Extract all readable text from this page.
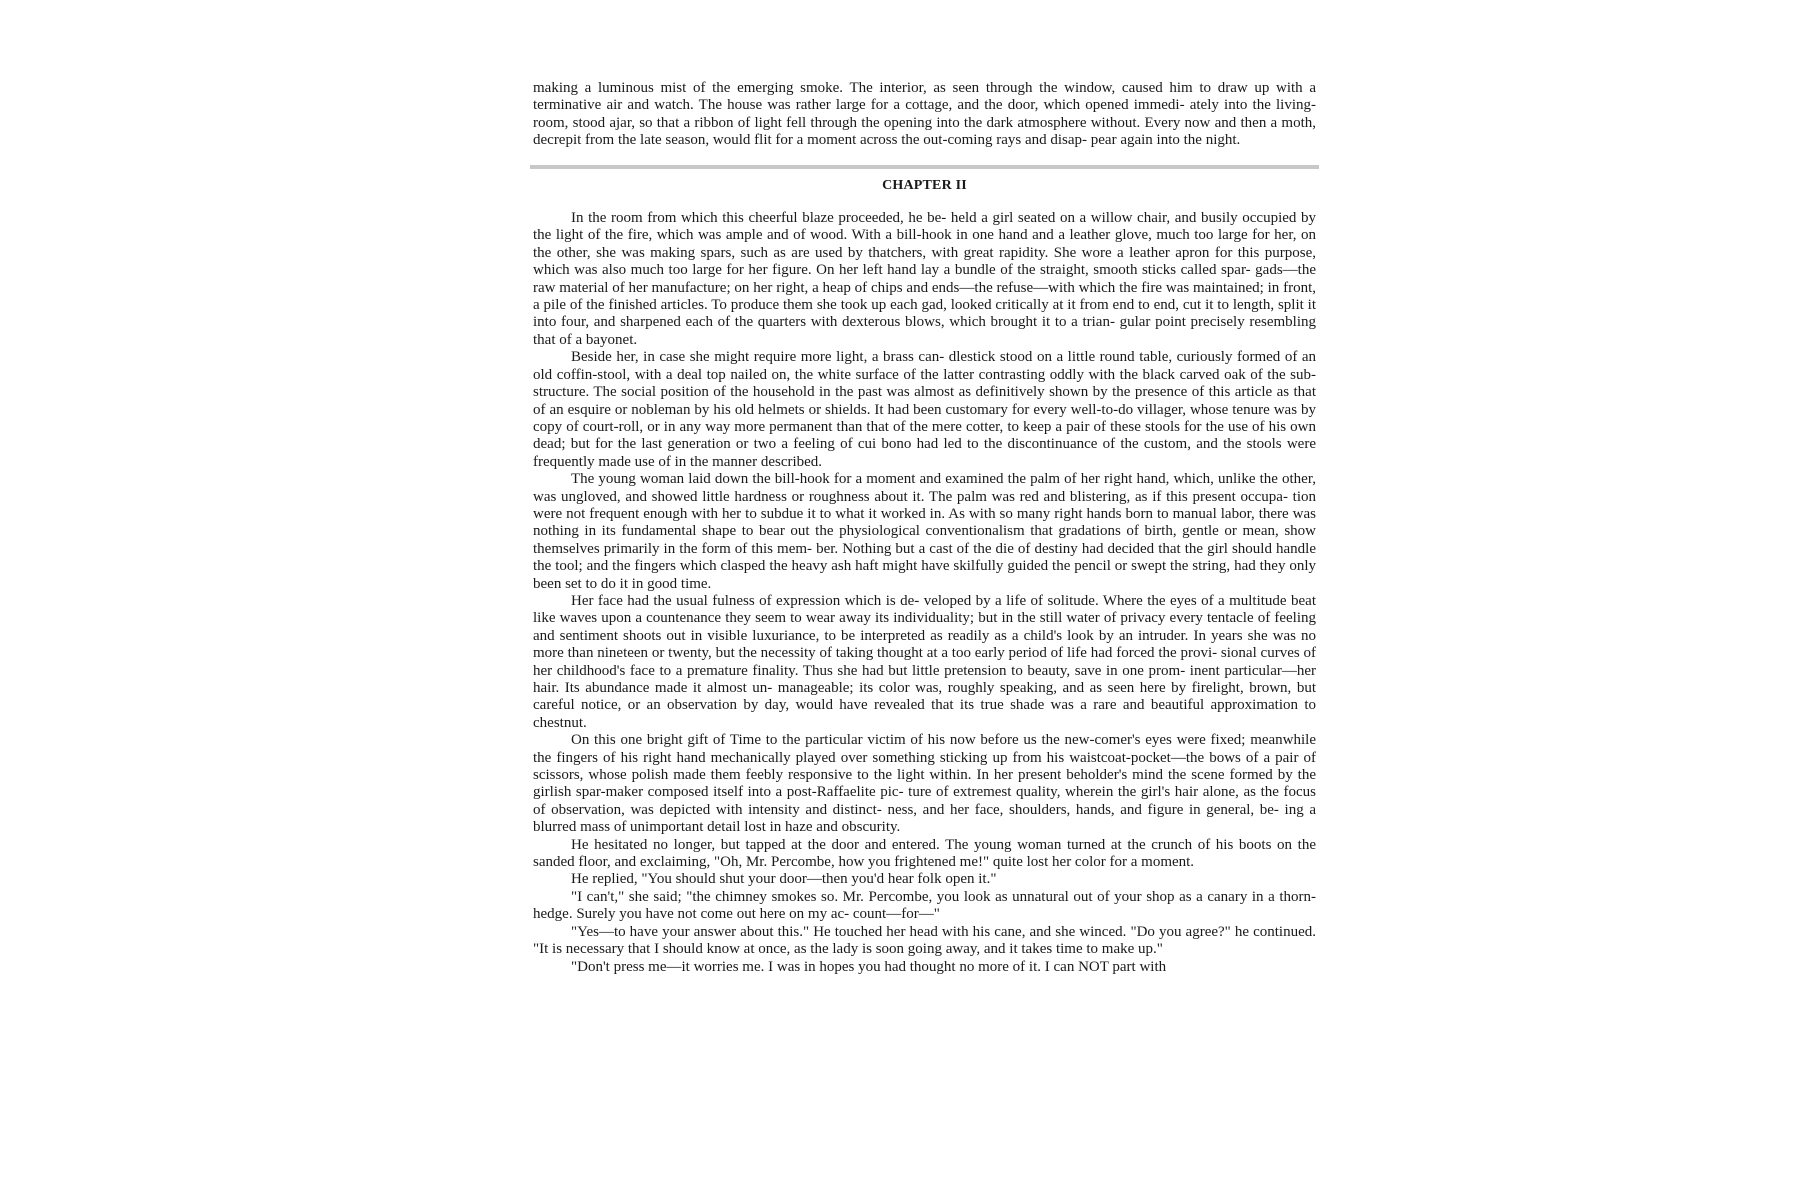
making a luminous mist of the emerging smoke. The interior, as seen through the window, caused him to draw up with a terminative air and watch. The house was rather large for a cottage, and the door, which opened immedi- ately into the living-room, stood ajar, so that a ribbon of light fell through the opening into the dark atmosphere without. Every now and then a moth, decrepit from the late season, would flit for a moment across the out-coming rays and disap- pear again into the night.

CHAPTER II

In the room from which this cheerful blaze proceeded, he be- held a girl seated on a willow chair, and busily occupied by the light of the fire, which was ample and of wood. With a bill-hook in one hand and a leather glove, much too large for her, on the other, she was making spars, such as are used by thatchers, with great rapidity. She wore a leather apron for this purpose, which was also much too large for her figure. On her left hand lay a bundle of the straight, smooth sticks called spar- gads—the raw material of her manufacture; on her right, a heap of chips and ends—the refuse—with which the fire was maintained; in front, a pile of the finished articles. To produce them she took up each gad, looked critically at it from end to end, cut it to length, split it into four, and sharpened each of the quarters with dexterous blows, which brought it to a trian- gular point precisely resembling that of a bayonet.

Beside her, in case she might require more light, a brass can- dlestick stood on a little round table, curiously formed of an old coffin-stool, with a deal top nailed on, the white surface of the latter contrasting oddly with the black carved oak of the sub- structure. The social position of the household in the past was almost as definitively shown by the presence of this article as that of an esquire or nobleman by his old helmets or shields. It had been customary for every well-to-do villager, whose tenure was by copy of court-roll, or in any way more permanent than that of the mere cotter, to keep a pair of these stools for the use of his own dead; but for the last generation or two a feeling of cui bono had led to the discontinuance of the custom, and the stools were frequently made use of in the manner described.

The young woman laid down the bill-hook for a moment and examined the palm of her right hand, which, unlike the other, was ungloved, and showed little hardness or roughness about it. The palm was red and blistering, as if this present occupa- tion were not frequent enough with her to subdue it to what it worked in. As with so many right hands born to manual labor, there was nothing in its fundamental shape to bear out the physiological conventionalism that gradations of birth, gentle or mean, show themselves primarily in the form of this mem- ber. Nothing but a cast of the die of destiny had decided that the girl should handle the tool; and the fingers which clasped the heavy ash haft might have skilfully guided the pencil or swept the string, had they only been set to do it in good time.

Her face had the usual fulness of expression which is de- veloped by a life of solitude. Where the eyes of a multitude beat like waves upon a countenance they seem to wear away its individuality; but in the still water of privacy every tentacle of feeling and sentiment shoots out in visible luxuriance, to be interpreted as readily as a child's look by an intruder. In years she was no more than nineteen or twenty, but the necessity of taking thought at a too early period of life had forced the provi- sional curves of her childhood's face to a premature finality. Thus she had but little pretension to beauty, save in one prom- inent particular—her hair. Its abundance made it almost un- manageable; its color was, roughly speaking, and as seen here by firelight, brown, but careful notice, or an observation by day, would have revealed that its true shade was a rare and beautiful approximation to chestnut.

On this one bright gift of Time to the particular victim of his now before us the new-comer's eyes were fixed; meanwhile the fingers of his right hand mechanically played over something sticking up from his waistcoat-pocket—the bows of a pair of scissors, whose polish made them feebly responsive to the light within. In her present beholder's mind the scene formed by the girlish spar-maker composed itself into a post-Raffaelite pic- ture of extremest quality, wherein the girl's hair alone, as the focus of observation, was depicted with intensity and distinct- ness, and her face, shoulders, hands, and figure in general, be- ing a blurred mass of unimportant detail lost in haze and obscurity.

He hesitated no longer, but tapped at the door and entered. The young woman turned at the crunch of his boots on the sanded floor, and exclaiming, "Oh, Mr. Percombe, how you frightened me!" quite lost her color for a moment.

He replied, "You should shut your door—then you'd hear folk open it."

"I can't," she said; "the chimney smokes so. Mr. Percombe, you look as unnatural out of your shop as a canary in a thorn- hedge. Surely you have not come out here on my ac- count—for—"

"Yes—to have your answer about this." He touched her head with his cane, and she winced. "Do you agree?" he continued. "It is necessary that I should know at once, as the lady is soon going away, and it takes time to make up."

"Don't press me—it worries me. I was in hopes you had thought no more of it. I can NOT part with
